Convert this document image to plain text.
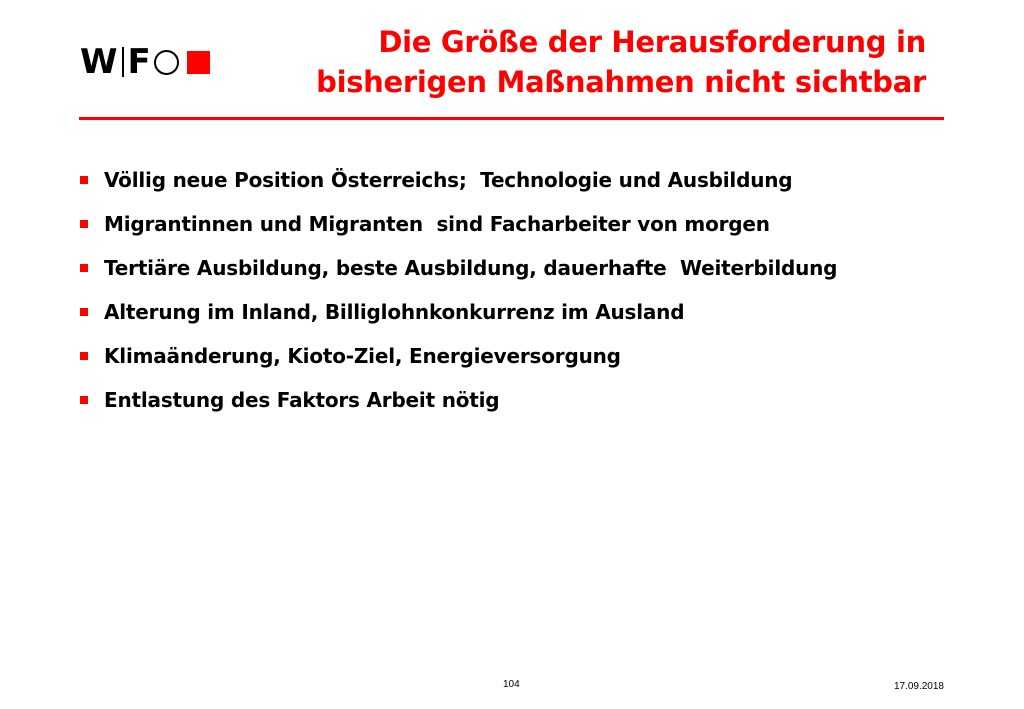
W F	Die Größe der Herausforderung in
bisherigen Maßnahmen nicht sichtbar
Völlig neue Position Österreichs;  Technologie und Ausbildung
Migrantinnen und Migranten  sind Facharbeiter von morgen
Tertiäre Ausbildung, beste Ausbildung, dauerhafte  Weiterbildung
Alterung im Inland, Billiglohnkonkurrenz im Ausland
Klimaänderung, Kioto-Ziel, Energieversorgung
Entlastung des Faktors Arbeit nötig
104	17.09.2018
